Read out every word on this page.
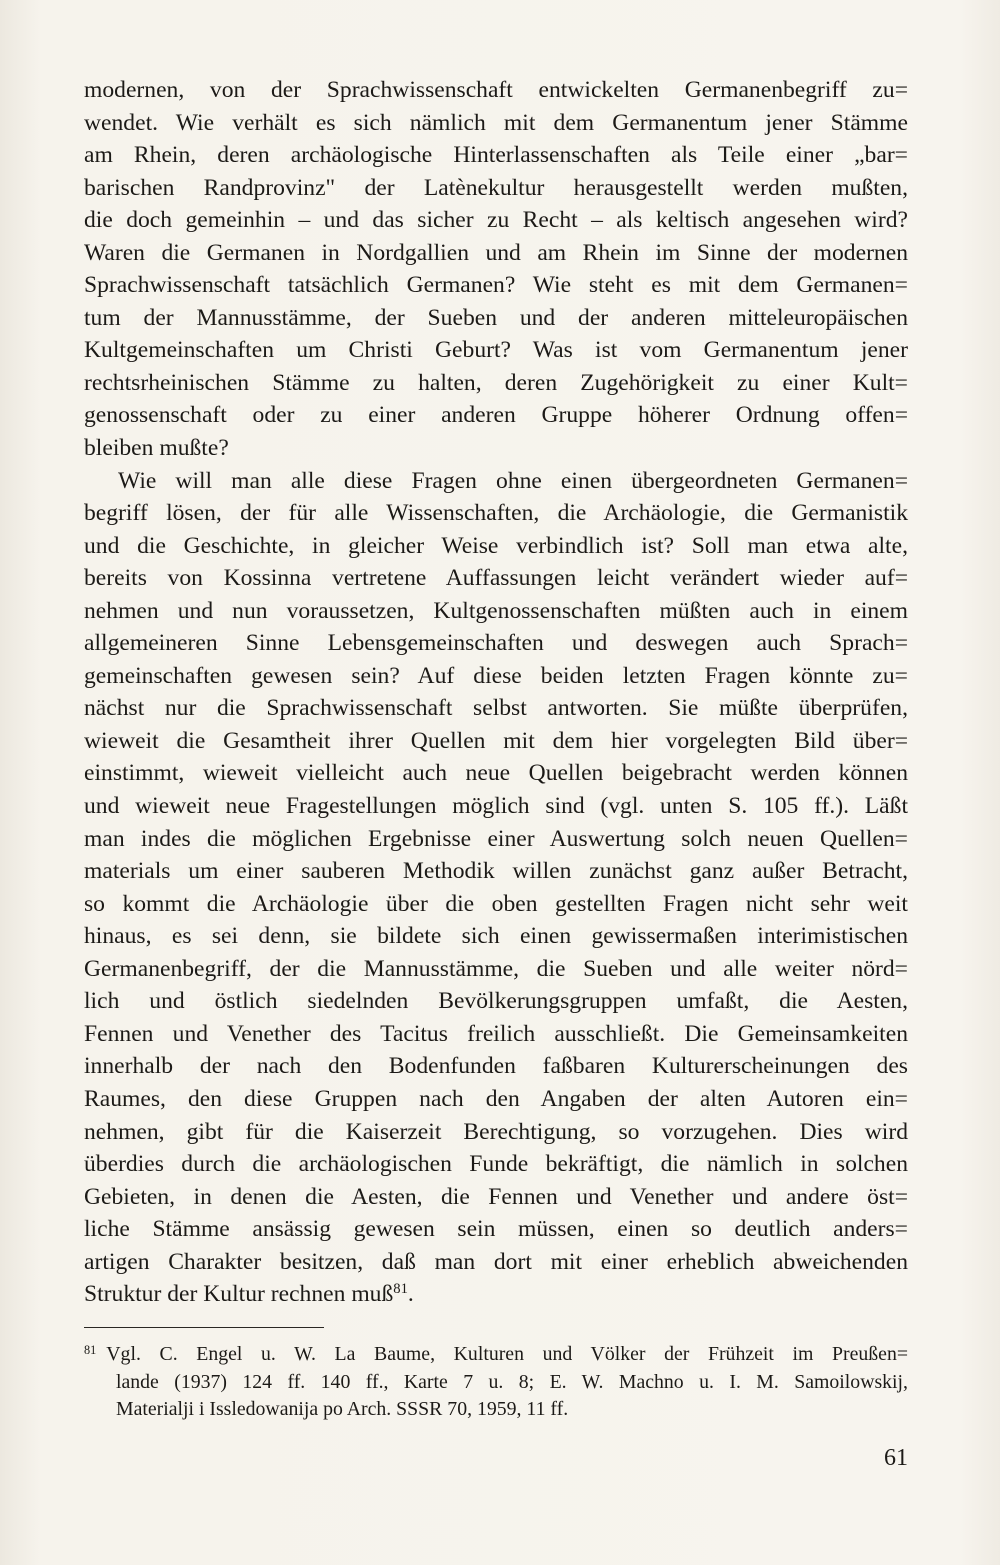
modernen, von der Sprachwissenschaft entwickelten Germanenbegriff zu=
wendet. Wie verhält es sich nämlich mit dem Germanentum jener Stämme
am Rhein, deren archäologische Hinterlassenschaften als Teile einer „bar=
barischen Randprovinz" der Latènekultur herausgestellt werden mußten,
die doch gemeinhin – und das sicher zu Recht – als keltisch angesehen wird?
Waren die Germanen in Nordgallien und am Rhein im Sinne der modernen
Sprachwissenschaft tatsächlich Germanen? Wie steht es mit dem Germanen=
tum der Mannusstämme, der Sueben und der anderen mitteleuropäischen
Kultgemeinschaften um Christi Geburt? Was ist vom Germanentum jener
rechtsrheinischen Stämme zu halten, deren Zugehörigkeit zu einer Kult=
genossenschaft oder zu einer anderen Gruppe höherer Ordnung offen=
bleiben mußte?
Wie will man alle diese Fragen ohne einen übergeordneten Germanen=
begriff lösen, der für alle Wissenschaften, die Archäologie, die Germanistik
und die Geschichte, in gleicher Weise verbindlich ist? Soll man etwa alte,
bereits von Kossinna vertretene Auffassungen leicht verändert wieder auf=
nehmen und nun voraussetzen, Kultgenossenschaften müßten auch in einem
allgemeineren Sinne Lebensgemeinschaften und deswegen auch Sprach=
gemeinschaften gewesen sein? Auf diese beiden letzten Fragen könnte zu=
nächst nur die Sprachwissenschaft selbst antworten. Sie müßte überprüfen,
wieweit die Gesamtheit ihrer Quellen mit dem hier vorgelegten Bild über=
einstimmt, wieweit vielleicht auch neue Quellen beigebracht werden können
und wieweit neue Fragestellungen möglich sind (vgl. unten S. 105 ff.). Läßt
man indes die möglichen Ergebnisse einer Auswertung solch neuen Quellen=
materials um einer sauberen Methodik willen zunächst ganz außer Betracht,
so kommt die Archäologie über die oben gestellten Fragen nicht sehr weit
hinaus, es sei denn, sie bildete sich einen gewissermaßen interimistischen
Germanenbegriff, der die Mannusstämme, die Sueben und alle weiter nörd=
lich und östlich siedelnden Bevölkerungsgruppen umfaßt, die Aesten,
Fennen und Venether des Tacitus freilich ausschließt. Die Gemeinsamkeiten
innerhalb der nach den Bodenfunden faßbaren Kulturerscheinungen des
Raumes, den diese Gruppen nach den Angaben der alten Autoren ein=
nehmen, gibt für die Kaiserzeit Berechtigung, so vorzugehen. Dies wird
überdies durch die archäologischen Funde bekräftigt, die nämlich in solchen
Gebieten, in denen die Aesten, die Fennen und Venether und andere öst=
liche Stämme ansässig gewesen sein müssen, einen so deutlich anders=
artigen Charakter besitzen, daß man dort mit einer erheblich abweichenden
Struktur der Kultur rechnen muß$^{81}$.
$^{81}$ Vgl. C. Engel u. W. La Baume, Kulturen und Völker der Frühzeit im Preußen=
lande (1937) 124 ff. 140 ff., Karte 7 u. 8; E. W. Machno u. I. M. Samoilowskij,
Materialji i Issledowanija po Arch. SSSR 70, 1959, 11 ff.
61
